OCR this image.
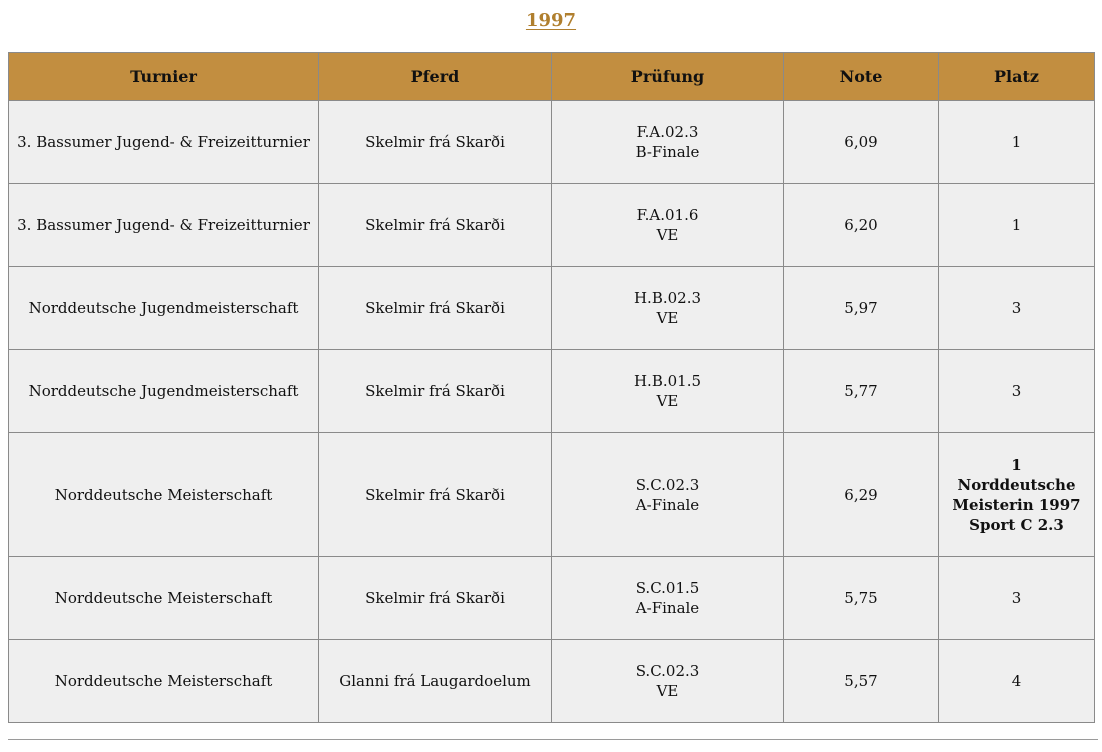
1997
Turnier	Pferd	Prüfung	Note	Platz
3. Bassumer Jugend- & Freizeitturnier	Skelmir frá Skarði	F.A.02.3
B-Finale	6,09	1
3. Bassumer Jugend- & Freizeitturnier	Skelmir frá Skarði	F.A.01.6
VE	6,20	1
Norddeutsche Jugendmeisterschaft	Skelmir frá Skarði	H.B.02.3
VE	5,97	3
Norddeutsche Jugendmeisterschaft	Skelmir frá Skarði	H.B.01.5
VE	5,77	3
Norddeutsche Meisterschaft	Skelmir frá Skarði	S.C.02.3
A-Finale	6,29	1
Norddeutsche
Meisterin 1997
Sport C 2.3

Norddeutsche Meisterschaft	Skelmir frá Skarði	S.C.01.5
A-Finale	5,75	3
Norddeutsche Meisterschaft	Glanni frá Laugardoelum	S.C.02.3
VE	5,57	4
